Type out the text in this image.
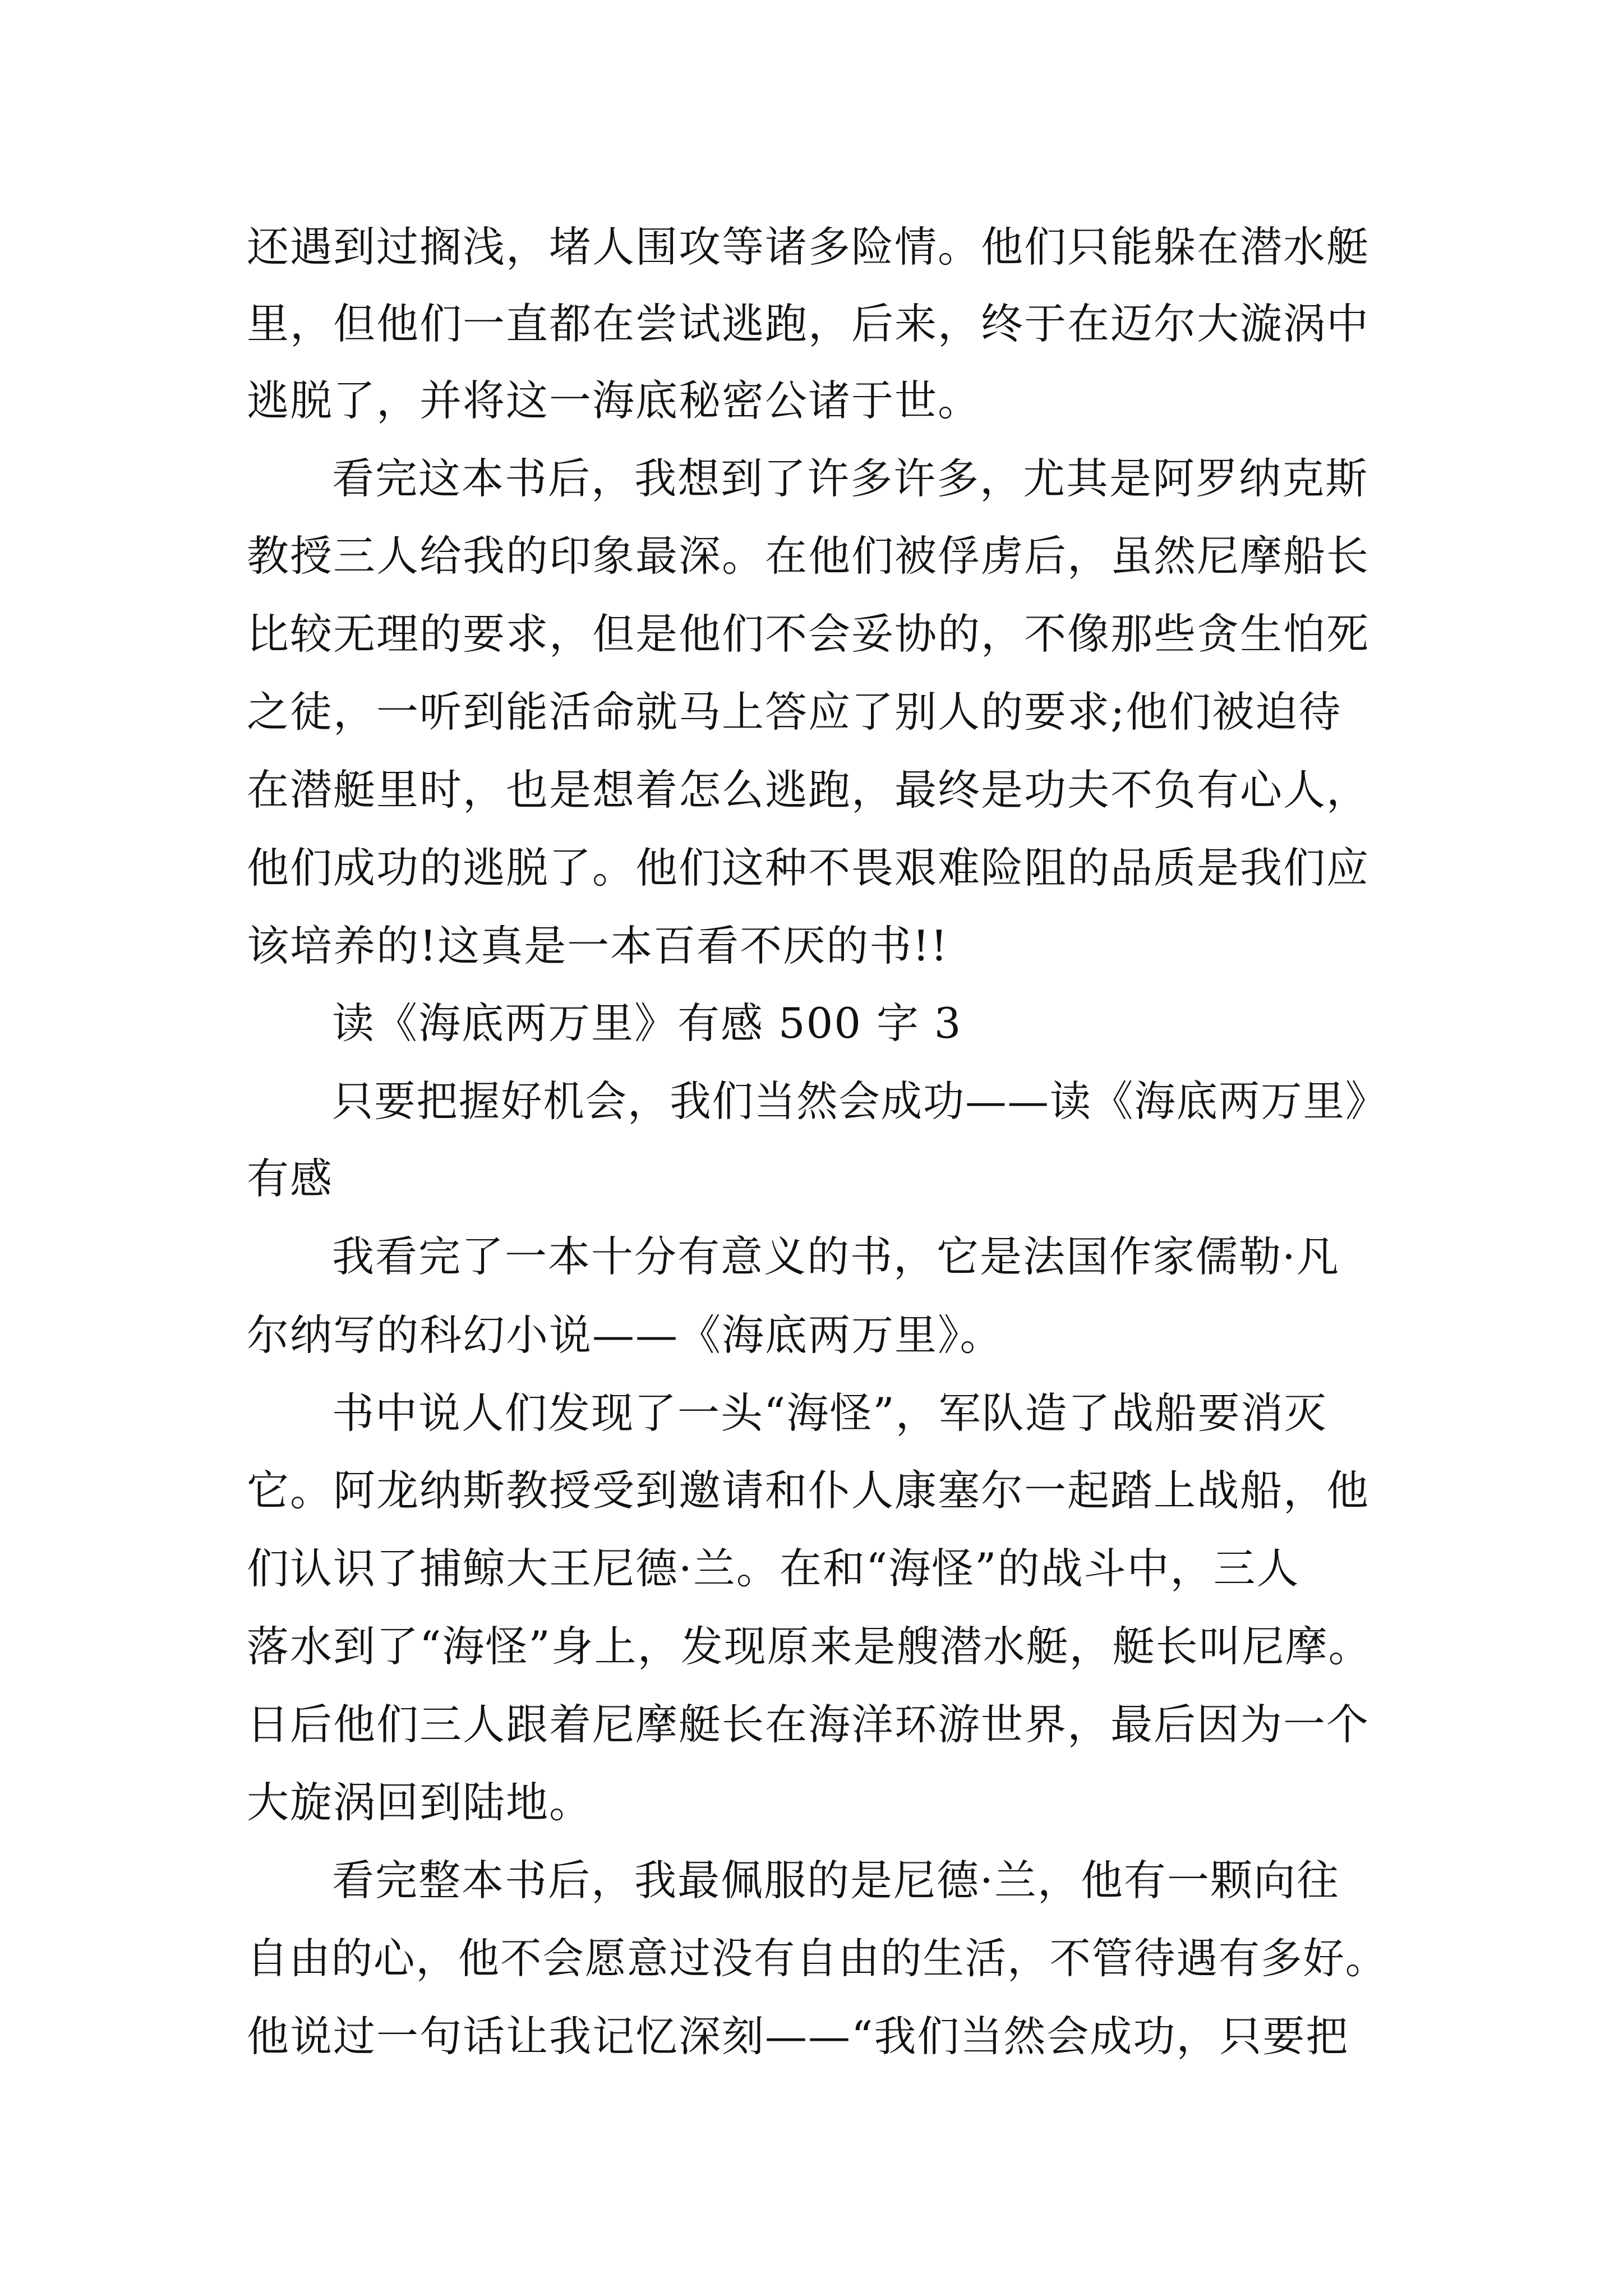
还遇到过搁浅，堵人围攻等诸多险情。他们只能躲在潜水艇
里，但他们一直都在尝试逃跑，后来，终于在迈尔大漩涡中
逃脱了，并将这一海底秘密公诸于世。
看完这本书后，我想到了许多许多，尤其是阿罗纳克斯
教授三人给我的印象最深。在他们被俘虏后，虽然尼摩船长
比较无理的要求，但是他们不会妥协的，不像那些贪生怕死
之徒，一听到能活命就马上答应了别人的要求;他们被迫待
在潜艇里时，也是想着怎么逃跑，最终是功夫不负有心人，
他们成功的逃脱了。他们这种不畏艰难险阻的品质是我们应
该培养的!这真是一本百看不厌的书!!
读《海底两万里》有感 500 字 3
只要把握好机会，我们当然会成功——读《海底两万里》
有感
我看完了一本十分有意义的书，它是法国作家儒勒·凡
尔纳写的科幻小说——《海底两万里》。
书中说人们发现了一头“海怪”，军队造了战船要消灭
它。阿龙纳斯教授受到邀请和仆人康塞尔一起踏上战船，他
们认识了捕鲸大王尼德·兰。在和“海怪”的战斗中，三人
落水到了“海怪”身上，发现原来是艘潜水艇，艇长叫尼摩。
日后他们三人跟着尼摩艇长在海洋环游世界，最后因为一个
大旋涡回到陆地。
看完整本书后，我最佩服的是尼德·兰，他有一颗向往
自由的心，他不会愿意过没有自由的生活，不管待遇有多好。
他说过一句话让我记忆深刻——“我们当然会成功，只要把
